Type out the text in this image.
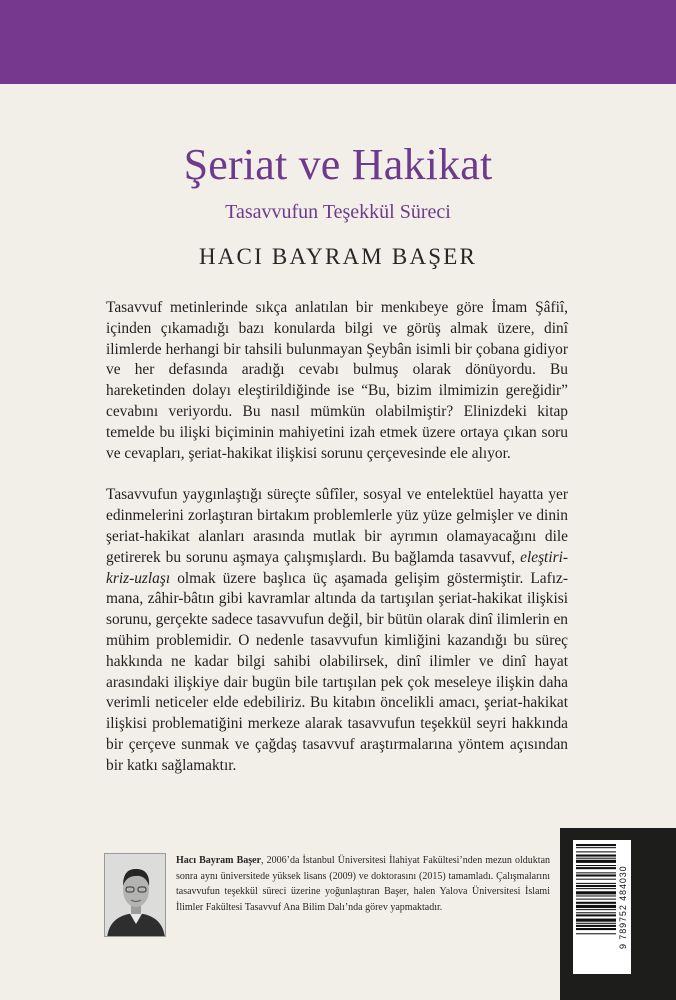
Şeriat ve Hakikat
Tasavvufun Teşekkül Süreci
HACI BAYRAM BAŞER

Tasavvuf metinlerinde sıkça anlatılan bir menkıbeye göre İmam Şâfiî, içinden çıkamadığı bazı konularda bilgi ve görüş almak üzere, dinî ilimlerde herhangi bir tahsili bulunmayan Şeybân isimli bir çobana gidiyor ve her defasında aradığı cevabı bulmuş olarak dönüyordu. Bu hareketinden dolayı eleştirildiğinde ise “Bu, bizim ilmimizin gereğidir” cevabını veriyordu. Bu nasıl mümkün olabilmiştir? Elinizdeki kitap temelde bu ilişki biçiminin mahiyetini izah etmek üzere ortaya çıkan soru ve cevapları, şeriat-hakikat ilişkisi sorunu çerçevesinde ele alıyor.

Tasavvufun yaygınlaştığı süreçte sûfîler, sosyal ve entelektüel hayatta yer edinmelerini zorlaştıran birtakım problemlerle yüz yüze gelmişler ve dinin şeriat-hakikat alanları arasında mutlak bir ayrımın olamayacağını dile getirerek bu sorunu aşmaya çalışmışlardı. Bu bağlamda tasavvuf, eleştiri-kriz-uzlaşı olmak üzere başlıca üç aşamada gelişim göstermiştir. Lafız-mana, zâhir-bâtın gibi kavramlar altında da tartışılan şeriat-hakikat ilişkisi sorunu, gerçekte sadece tasavvufun değil, bir bütün olarak dinî ilimlerin en mühim problemidir. O nedenle tasavvufun kimliğini kazandığı bu süreç hakkında ne kadar bilgi sahibi olabilirsek, dinî ilimler ve dinî hayat arasındaki ilişkiye dair bugün bile tartışılan pek çok meseleye ilişkin daha verimli neticeler elde edebiliriz. Bu kitabın öncelikli amacı, şeriat-hakikat ilişkisi problematiğini merkeze alarak tasavvufun teşekkül seyri hakkında bir çerçeve sunmak ve çağdaş tasavvuf araştırmalarına yöntem açısından bir katkı sağlamaktır.

Hacı Bayram Başer, 2006’da İstanbul Üniversitesi İlahiyat Fakültesi’nden mezun olduktan sonra aynı üniversitede yüksek lisans (2009) ve doktorasını (2015) tamamladı. Çalışmalarını tasavvufun teşekkül süreci üzerine yoğunlaştıran Başer, halen Yalova Üniversitesi İslami İlimler Fakültesi Tasavvuf Ana Bilim Dalı’nda görev yapmaktadır.	9 789752 484030
